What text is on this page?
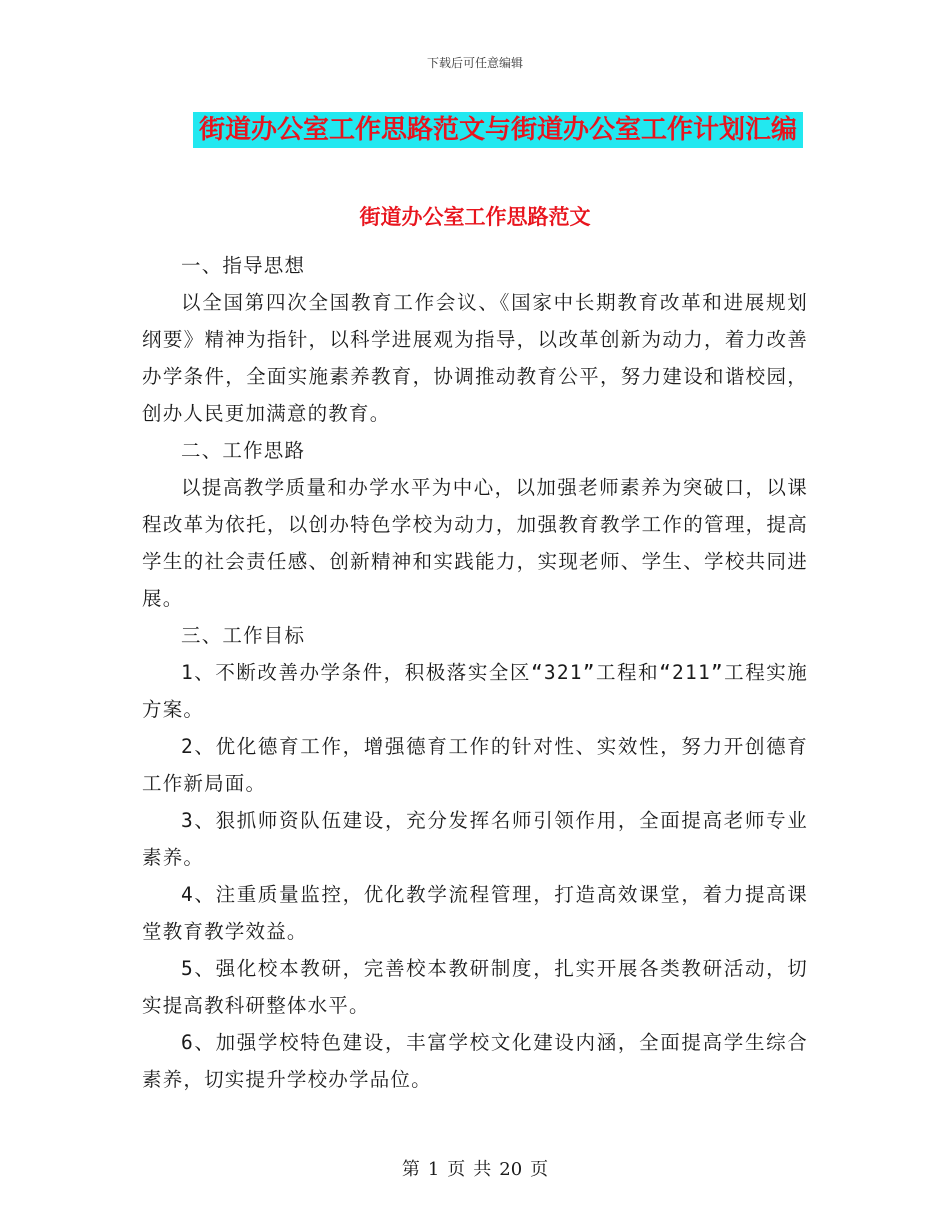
下载后可任意编辑
街道办公室工作思路范文与街道办公室工作计划汇编
街道办公室工作思路范文

一、指导思想

以全国第四次全国教育工作会议、《国家中长期教育改革和进展规划纲要》精神为指针，以科学进展观为指导，以改革创新为动力，着力改善办学条件，全面实施素养教育，协调推动教育公平，努力建设和谐校园，创办人民更加满意的教育。

二、工作思路

以提高教学质量和办学水平为中心，以加强老师素养为突破口，以课程改革为依托，以创办特色学校为动力，加强教育教学工作的管理，提高学生的社会责任感、创新精神和实践能力，实现老师、学生、学校共同进展。

三、工作目标

1、不断改善办学条件，积极落实全区“321”工程和“211”工程实施方案。

2、优化德育工作，增强德育工作的针对性、实效性，努力开创德育工作新局面。

3、狠抓师资队伍建设，充分发挥名师引领作用，全面提高老师专业素养。

4、注重质量监控，优化教学流程管理，打造高效课堂，着力提高课堂教育教学效益。

5、强化校本教研，完善校本教研制度，扎实开展各类教研活动，切实提高教科研整体水平。

6、加强学校特色建设，丰富学校文化建设内涵，全面提高学生综合素养，切实提升学校办学品位。

第 1 页 共 20 页
